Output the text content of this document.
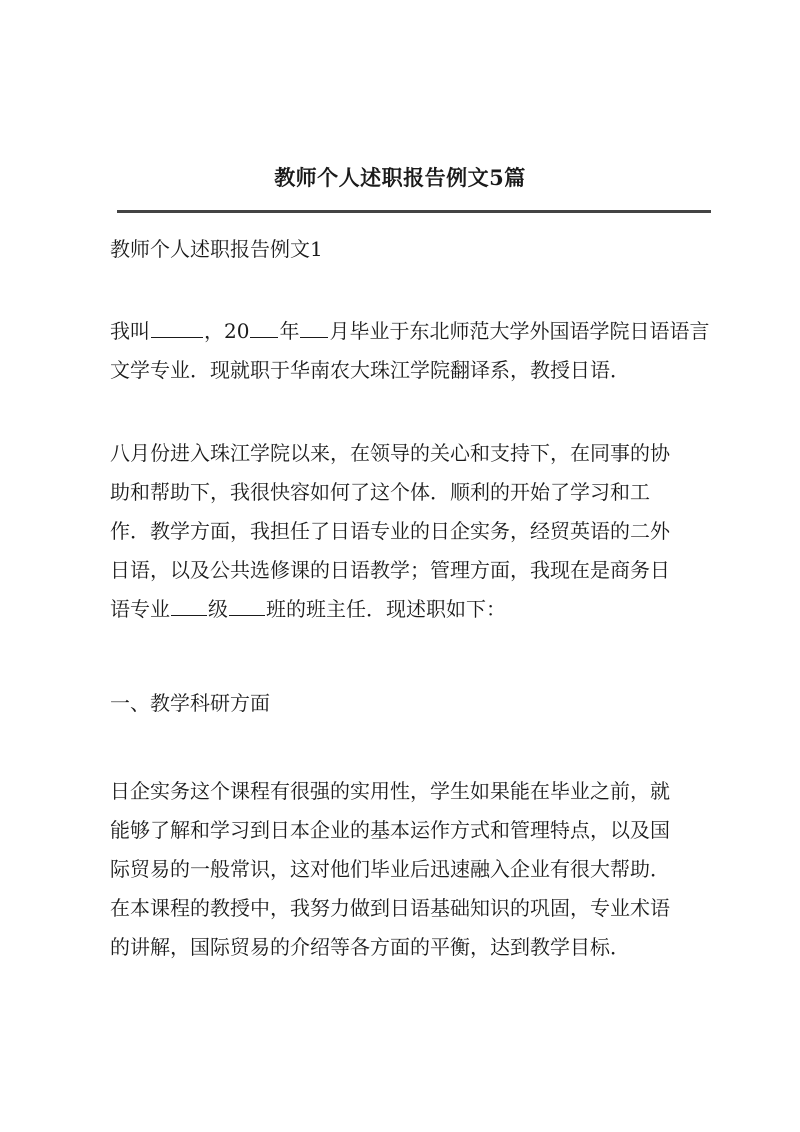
教师个人述职报告例文5篇

教师个人述职报告例文1

我叫	，20 年 月毕业于东北师范大学外国语学院日语语言
文学专业．现就职于华南农大珠江学院翻译系，教授日语．

八月份进入珠江学院以来，在领导的关心和支持下，在同事的协
助和帮助下，我很快容如何了这个体．顺利的开始了学习和工
作．教学方面，我担任了日语专业的日企实务，经贸英语的二外
日语，以及公共选修课的日语教学；管理方面，我现在是商务日
语专业 级 班的班主任．现述职如下：

一、教学科研方面

日企实务这个课程有很强的实用性，学生如果能在毕业之前，就
能够了解和学习到日本企业的基本运作方式和管理特点，以及国
际贸易的一般常识，这对他们毕业后迅速融入企业有很大帮助．
在本课程的教授中，我努力做到日语基础知识的巩固，专业术语
的讲解，国际贸易的介绍等各方面的平衡，达到教学目标．
